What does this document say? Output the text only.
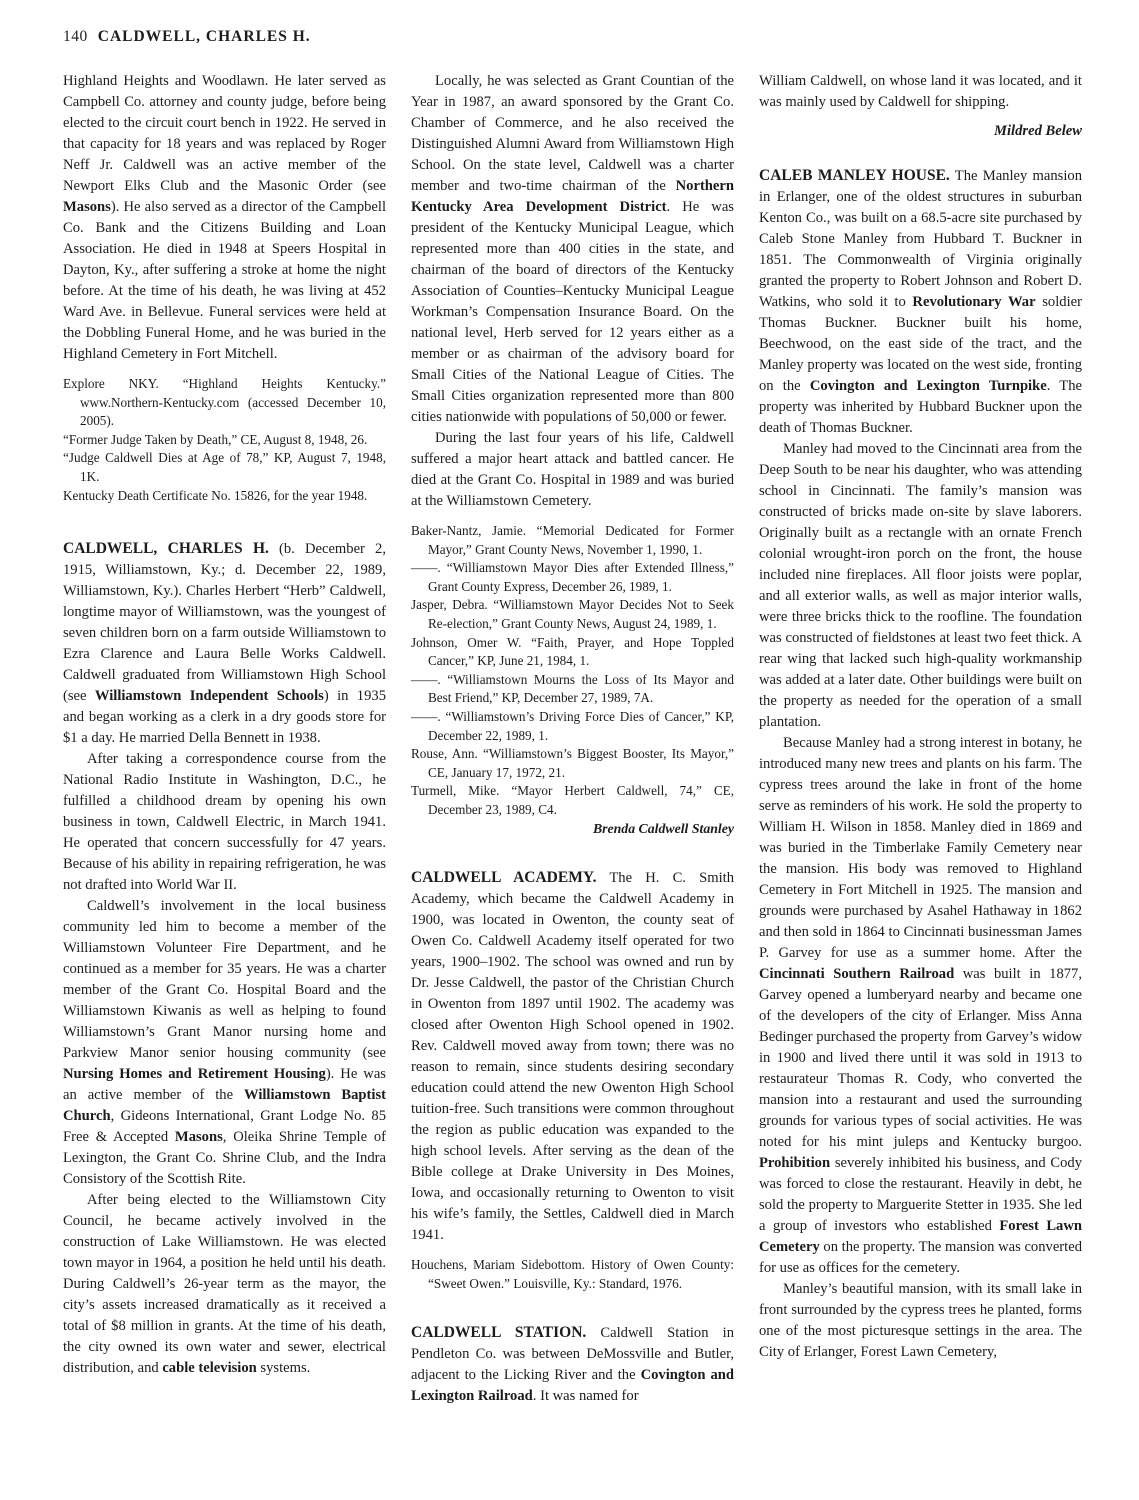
140 CALDWELL, CHARLES H.

Highland Heights and Woodlawn. He later served as Campbell Co. attorney and county judge, before being elected to the circuit court bench in 1922. He served in that capacity for 18 years and was replaced by Roger Neff Jr. Caldwell was an active member of the Newport Elks Club and the Masonic Order (see Masons). He also served as a director of the Campbell Co. Bank and the Citizens Building and Loan Association. He died in 1948 at Speers Hospital in Dayton, Ky., after suffering a stroke at home the night before. At the time of his death, he was living at 452 Ward Ave. in Bellevue. Funeral services were held at the Dobbling Funeral Home, and he was buried in the Highland Cemetery in Fort Mitchell.

Explore NKY. “Highland Heights Kentucky.” www.Northern-Kentucky.com (accessed December 10, 2005).
“Former Judge Taken by Death,” CE, August 8, 1948, 26.
“Judge Caldwell Dies at Age of 78,” KP, August 7, 1948, 1K.
Kentucky Death Certificate No. 15826, for the year 1948.

CALDWELL, CHARLES H. (b. December 2, 1915, Williamstown, Ky.; d. December 22, 1989, Williamstown, Ky.). Charles Herbert “Herb” Caldwell, longtime mayor of Williamstown, was the youngest of seven children born on a farm outside Williamstown to Ezra Clarence and Laura Belle Works Caldwell. Caldwell graduated from Williamstown High School (see Williamstown Independent Schools) in 1935 and began working as a clerk in a dry goods store for $1 a day. He married Della Bennett in 1938.

After taking a correspondence course from the National Radio Institute in Washington, D.C., he fulfilled a childhood dream by opening his own business in town, Caldwell Electric, in March 1941. He operated that concern successfully for 47 years. Because of his ability in repairing refrigeration, he was not drafted into World War II.

Caldwell’s involvement in the local business community led him to become a member of the Williamstown Volunteer Fire Department, and he continued as a member for 35 years. He was a charter member of the Grant Co. Hospital Board and the Williamstown Kiwanis as well as helping to found Williamstown’s Grant Manor nursing home and Parkview Manor senior housing community (see Nursing Homes and Retirement Housing). He was an active member of the Williamstown Baptist Church, Gideons International, Grant Lodge No. 85 Free & Accepted Masons, Oleika Shrine Temple of Lexington, the Grant Co. Shrine Club, and the Indra Consistory of the Scottish Rite.

After being elected to the Williamstown City Council, he became actively involved in the construction of Lake Williamstown. He was elected town mayor in 1964, a position he held until his death. During Caldwell’s 26-year term as the mayor, the city’s assets increased dramatically as it received a total of $8 million in grants. At the time of his death, the city owned its own water and sewer, electrical distribution, and cable television systems.

Locally, he was selected as Grant Countian of the Year in 1987, an award sponsored by the Grant Co. Chamber of Commerce, and he also received the Distinguished Alumni Award from Williamstown High School. On the state level, Caldwell was a charter member and two-time chairman of the Northern Kentucky Area Development District. He was president of the Kentucky Municipal League, which represented more than 400 cities in the state, and chairman of the board of directors of the Kentucky Association of Counties–Kentucky Municipal League Workman’s Compensation Insurance Board. On the national level, Herb served for 12 years either as a member or as chairman of the advisory board for Small Cities of the National League of Cities. The Small Cities organization represented more than 800 cities nationwide with populations of 50,000 or fewer.

During the last four years of his life, Caldwell suffered a major heart attack and battled cancer. He died at the Grant Co. Hospital in 1989 and was buried at the Williamstown Cemetery.

Baker-Nantz, Jamie. “Memorial Dedicated for Former Mayor,” Grant County News, November 1, 1990, 1.
——. “Williamstown Mayor Dies after Extended Illness,” Grant County Express, December 26, 1989, 1.
Jasper, Debra. “Williamstown Mayor Decides Not to Seek Re-election,” Grant County News, August 24, 1989, 1.
Johnson, Omer W. “Faith, Prayer, and Hope Toppled Cancer,” KP, June 21, 1984, 1.
——. “Williamstown Mourns the Loss of Its Mayor and Best Friend,” KP, December 27, 1989, 7A.
——. “Williamstown’s Driving Force Dies of Cancer,” KP, December 22, 1989, 1.
Rouse, Ann. “Williamstown’s Biggest Booster, Its Mayor,” CE, January 17, 1972, 21.
Turmell, Mike. “Mayor Herbert Caldwell, 74,” CE, December 23, 1989, C4.

Brenda Caldwell Stanley

CALDWELL ACADEMY. The H. C. Smith Academy, which became the Caldwell Academy in 1900, was located in Owenton, the county seat of Owen Co. Caldwell Academy itself operated for two years, 1900–1902. The school was owned and run by Dr. Jesse Caldwell, the pastor of the Christian Church in Owenton from 1897 until 1902. The academy was closed after Owenton High School opened in 1902. Rev. Caldwell moved away from town; there was no reason to remain, since students desiring secondary education could attend the new Owenton High School tuition-free. Such transitions were common throughout the region as public education was expanded to the high school levels. After serving as the dean of the Bible college at Drake University in Des Moines, Iowa, and occasionally returning to Owenton to visit his wife’s family, the Settles, Caldwell died in March 1941.

Houchens, Mariam Sidebottom. History of Owen County: “Sweet Owen.” Louisville, Ky.: Standard, 1976.

CALDWELL STATION. Caldwell Station in Pendleton Co. was between DeMossville and Butler, adjacent to the Licking River and the Covington and Lexington Railroad. It was named for

William Caldwell, on whose land it was located, and it was mainly used by Caldwell for shipping.

Mildred Belew

CALEB MANLEY HOUSE. The Manley mansion in Erlanger, one of the oldest structures in suburban Kenton Co., was built on a 68.5-acre site purchased by Caleb Stone Manley from Hubbard T. Buckner in 1851. The Commonwealth of Virginia originally granted the property to Robert Johnson and Robert D. Watkins, who sold it to Revolutionary War soldier Thomas Buckner. Buckner built his home, Beechwood, on the east side of the tract, and the Manley property was located on the west side, fronting on the Covington and Lexington Turnpike. The property was inherited by Hubbard Buckner upon the death of Thomas Buckner.

Manley had moved to the Cincinnati area from the Deep South to be near his daughter, who was attending school in Cincinnati. The family’s mansion was constructed of bricks made on-site by slave laborers. Originally built as a rectangle with an ornate French colonial wrought-iron porch on the front, the house included nine fireplaces. All floor joists were poplar, and all exterior walls, as well as major interior walls, were three bricks thick to the roofline. The foundation was constructed of fieldstones at least two feet thick. A rear wing that lacked such high-quality workmanship was added at a later date. Other buildings were built on the property as needed for the operation of a small plantation.

Because Manley had a strong interest in botany, he introduced many new trees and plants on his farm. The cypress trees around the lake in front of the home serve as reminders of his work. He sold the property to William H. Wilson in 1858. Manley died in 1869 and was buried in the Timberlake Family Cemetery near the mansion. His body was removed to Highland Cemetery in Fort Mitchell in 1925. The mansion and grounds were purchased by Asahel Hathaway in 1862 and then sold in 1864 to Cincinnati businessman James P. Garvey for use as a summer home. After the Cincinnati Southern Railroad was built in 1877, Garvey opened a lumberyard nearby and became one of the developers of the city of Erlanger. Miss Anna Bedinger purchased the property from Garvey’s widow in 1900 and lived there until it was sold in 1913 to restaurateur Thomas R. Cody, who converted the mansion into a restaurant and used the surrounding grounds for various types of social activities. He was noted for his mint juleps and Kentucky burgoo. Prohibition severely inhibited his business, and Cody was forced to close the restaurant. Heavily in debt, he sold the property to Marguerite Stetter in 1935. She led a group of investors who established Forest Lawn Cemetery on the property. The mansion was converted for use as offices for the cemetery.

Manley’s beautiful mansion, with its small lake in front surrounded by the cypress trees he planted, forms one of the most picturesque settings in the area. The City of Erlanger, Forest Lawn Cemetery,
